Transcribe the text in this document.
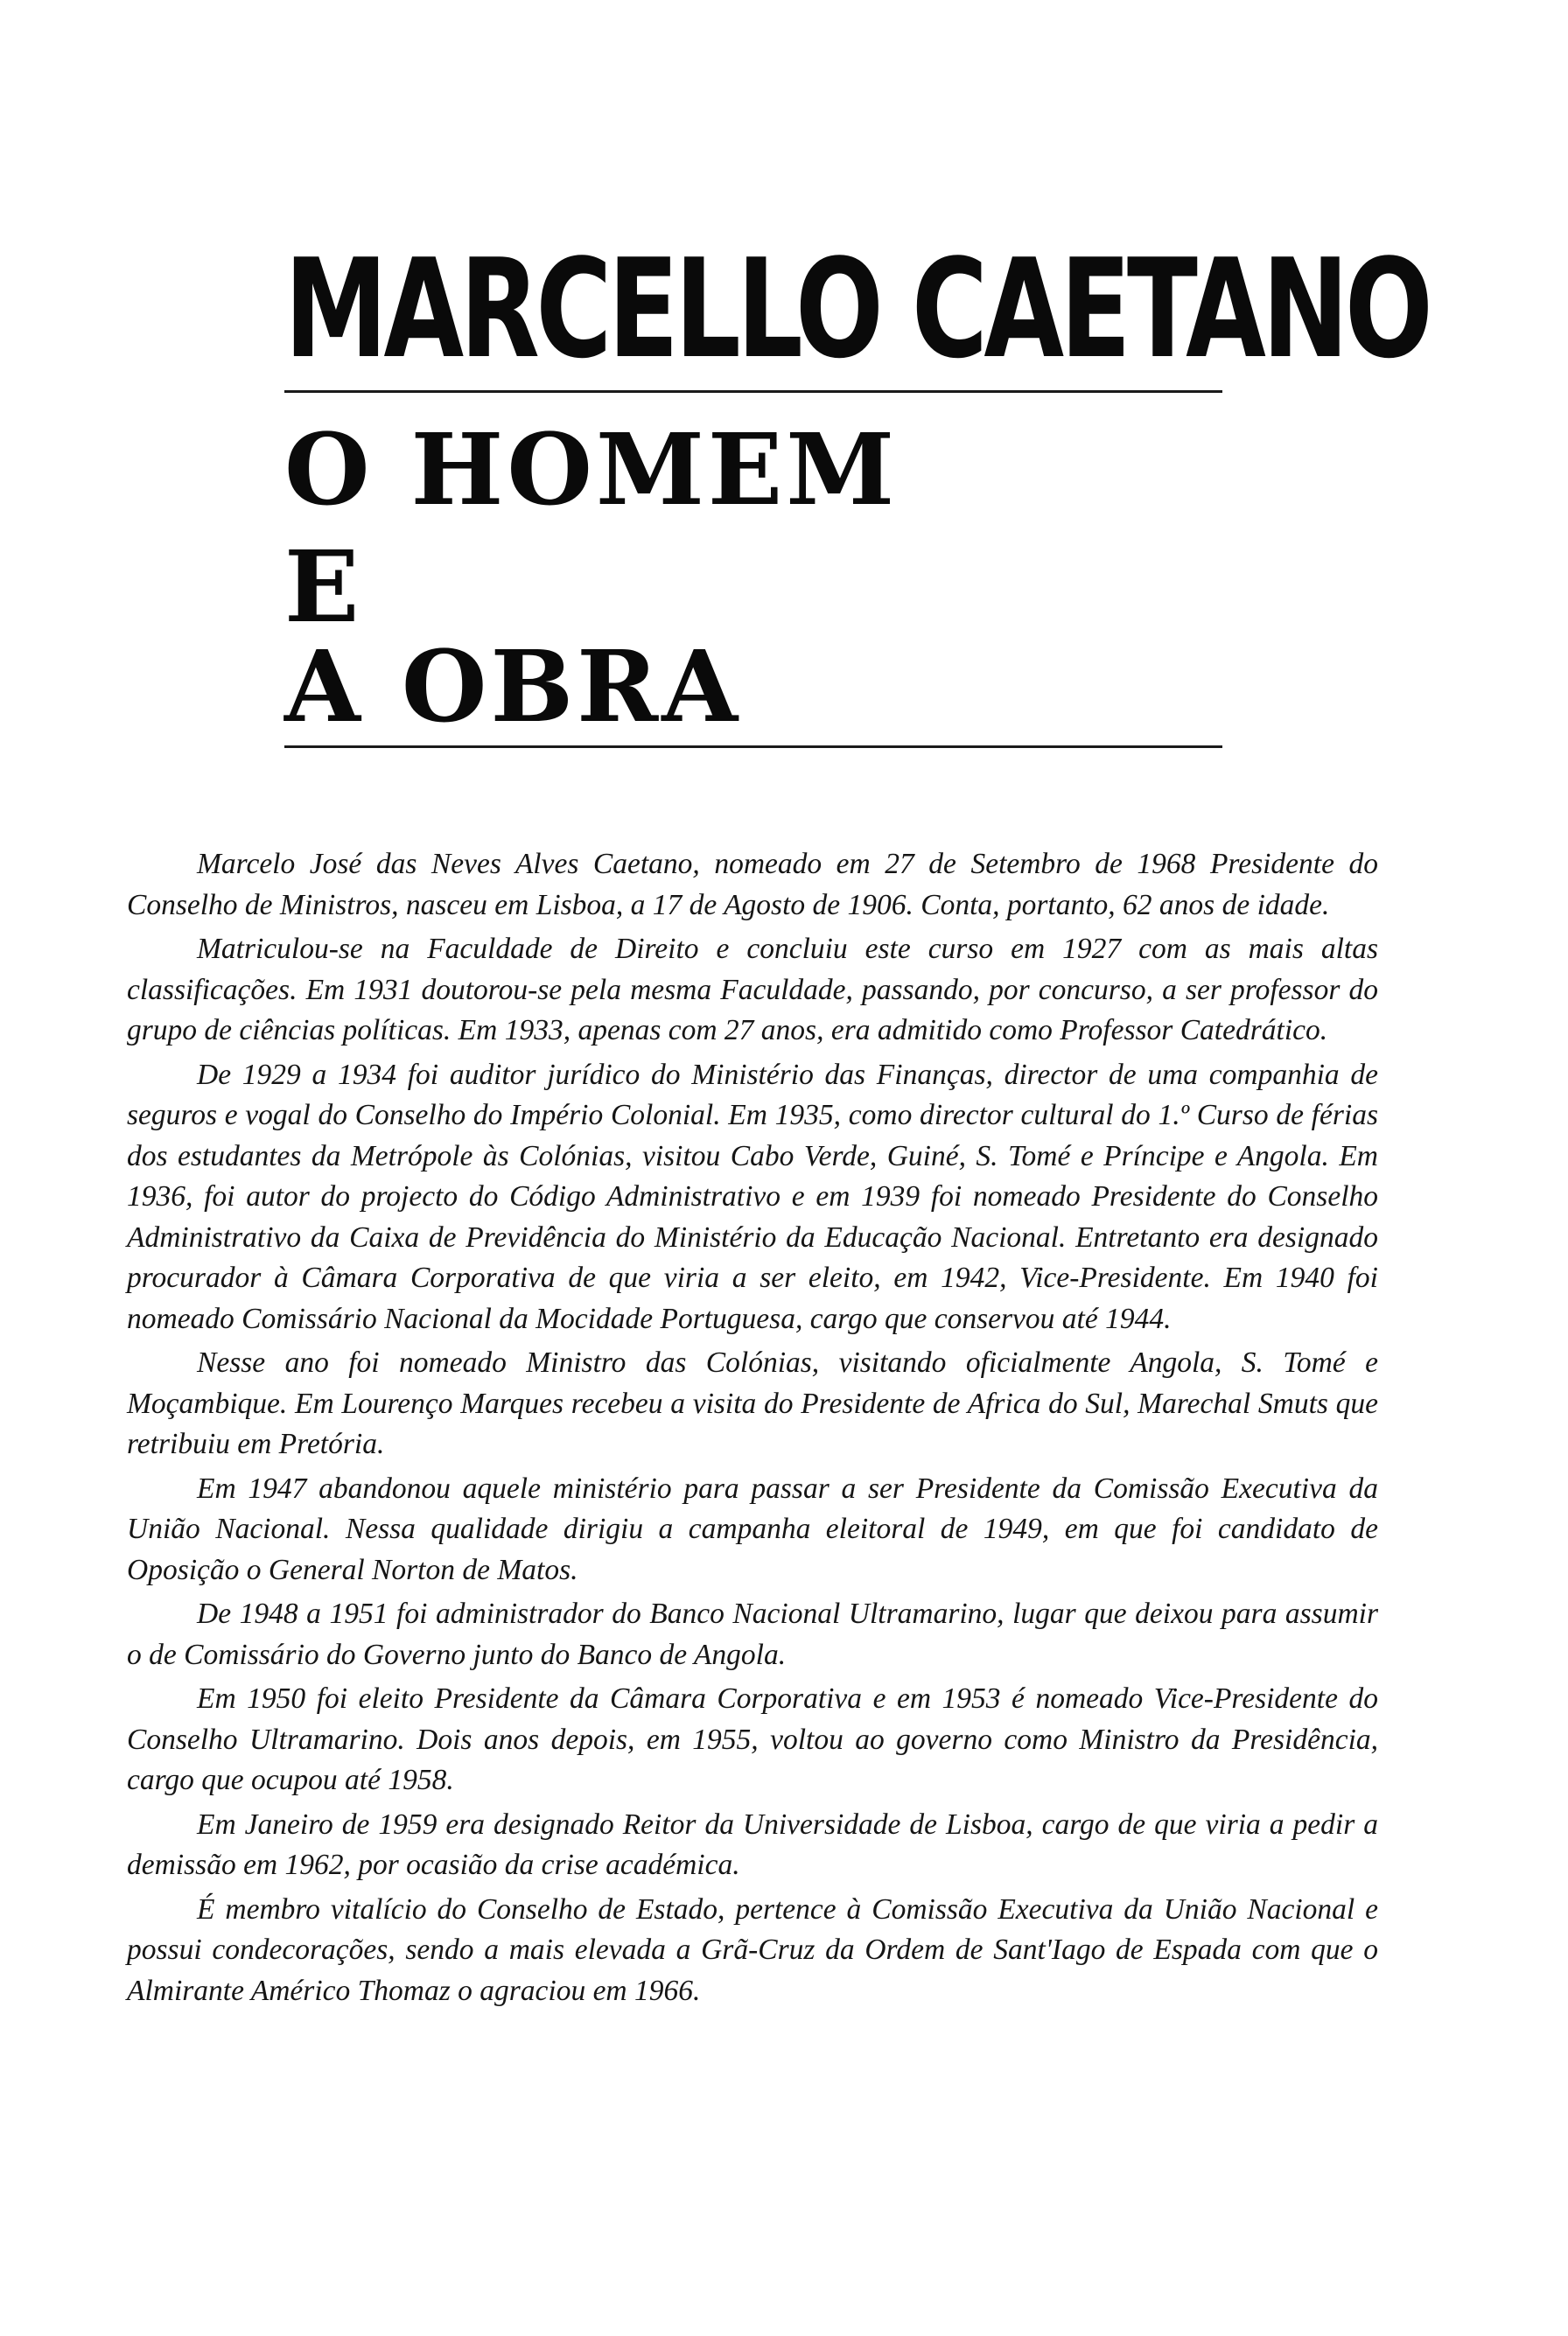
MARCELLO CAETANO
O HOMEM
E
A OBRA

Marcelo José das Neves Alves Caetano, nomeado em 27 de Setembro de 1968 Presidente do Conselho de Ministros, nasceu em Lisboa, a 17 de Agosto de 1906. Conta, portanto, 62 anos de idade.

Matriculou-se na Faculdade de Direito e concluiu este curso em 1927 com as mais altas classificações. Em 1931 doutorou-se pela mesma Faculdade, passando, por concurso, a ser professor do grupo de ciências políticas. Em 1933, apenas com 27 anos, era admitido como Professor Catedrático.

De 1929 a 1934 foi auditor jurídico do Ministério das Finanças, director de uma companhia de seguros e vogal do Conselho do Império Colonial. Em 1935, como director cultural do 1.º Curso de férias dos estudantes da Metrópole às Colónias, visitou Cabo Verde, Guiné, S. Tomé e Príncipe e Angola. Em 1936, foi autor do projecto do Código Administrativo e em 1939 foi nomeado Presidente do Conselho Administrativo da Caixa de Previdência do Ministério da Educação Nacional. Entretanto era designado procurador à Câmara Corporativa de que viria a ser eleito, em 1942, Vice-Presidente. Em 1940 foi nomeado Comissário Nacional da Mocidade Portuguesa, cargo que conservou até 1944.

Nesse ano foi nomeado Ministro das Colónias, visitando oficialmente Angola, S. Tomé e Moçambique. Em Lourenço Marques recebeu a visita do Presidente de Africa do Sul, Marechal Smuts que retribuiu em Pretória.

Em 1947 abandonou aquele ministério para passar a ser Presidente da Comissão Executiva da União Nacional. Nessa qualidade dirigiu a campanha eleitoral de 1949, em que foi candidato de Oposição o General Norton de Matos.

De 1948 a 1951 foi administrador do Banco Nacional Ultramarino, lugar que deixou para assumir o de Comissário do Governo junto do Banco de Angola.

Em 1950 foi eleito Presidente da Câmara Corporativa e em 1953 é nomeado Vice-Presidente do Conselho Ultramarino. Dois anos depois, em 1955, voltou ao governo como Ministro da Presidência, cargo que ocupou até 1958.

Em Janeiro de 1959 era designado Reitor da Universidade de Lisboa, cargo de que viria a pedir a demissão em 1962, por ocasião da crise académica.

É membro vitalício do Conselho de Estado, pertence à Comissão Executiva da União Nacional e possui condecorações, sendo a mais elevada a Grã-Cruz da Ordem de Sant'Iago de Espada com que o Almirante Américo Thomaz o agraciou em 1966.
